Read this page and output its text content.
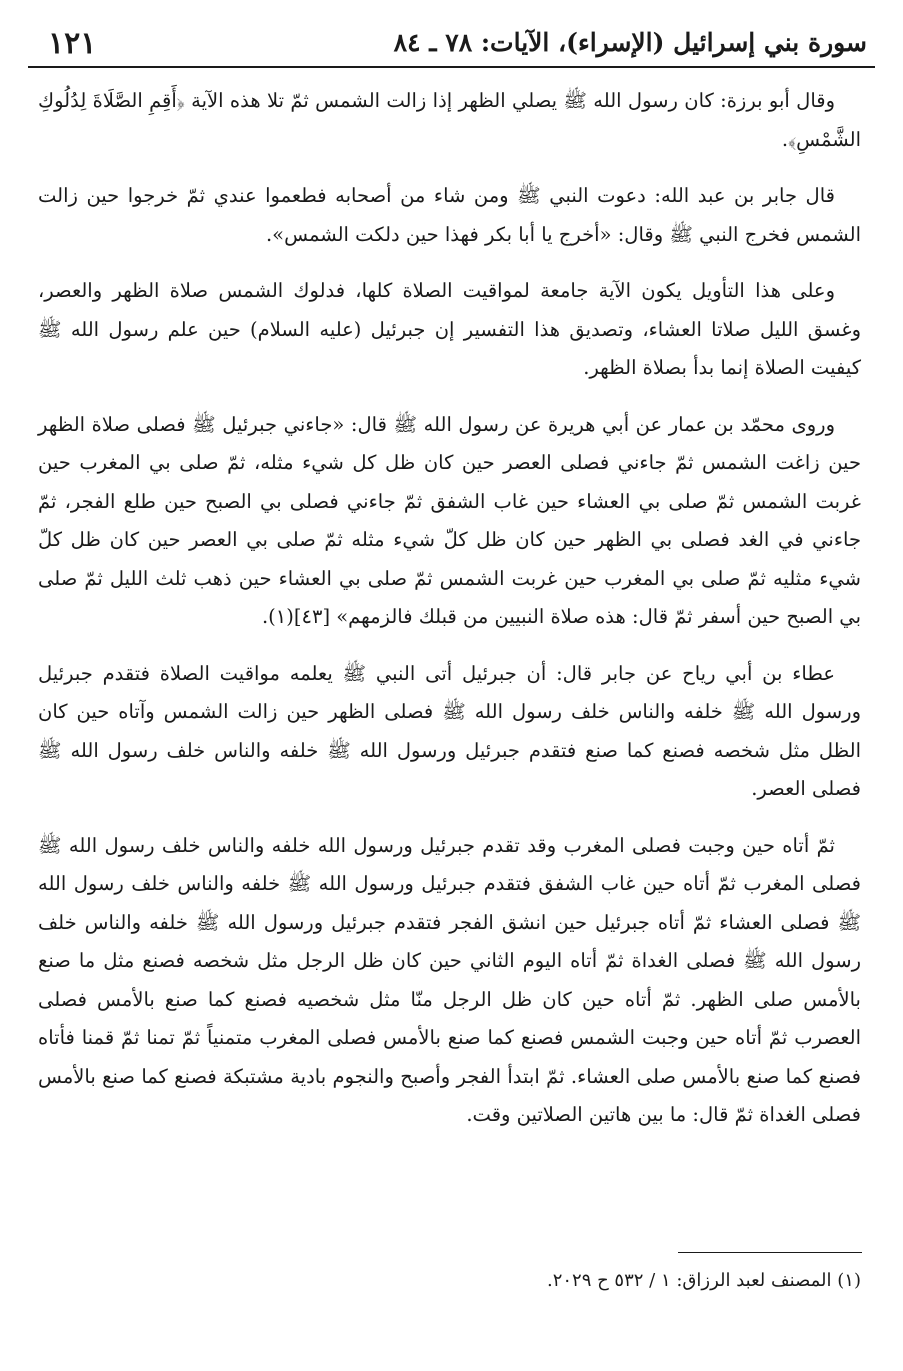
سورة بني إسرائيل (الإسراء)، الآيات: ٧٨ ـ ٨٤
١٢١

وقال أبو برزة: كان رسول الله ﷺ يصلي الظهر إذا زالت الشمس ثمّ تلا هذه الآية ﴿أَقِمِ الصَّلَاةَ لِدُلُوكِ الشَّمْسِ﴾.

قال جابر بن عبد الله: دعوت النبي ﷺ ومن شاء من أصحابه فطعموا عندي ثمّ خرجوا حين زالت الشمس فخرج النبي ﷺ وقال: «أخرج يا أبا بكر فهذا حين دلكت الشمس».

وعلى هذا التأويل يكون الآية جامعة لمواقيت الصلاة كلها، فدلوك الشمس صلاة الظهر والعصر، وغسق الليل صلاتا العشاء، وتصديق هذا التفسير إن جبرئيل (عليه السلام) حين علم رسول الله ﷺ كيفيت الصلاة إنما بدأ بصلاة الظهر.

وروى محمّد بن عمار عن أبي هريرة عن رسول الله ﷺ قال: «جاءني جبرئيل ﷺ فصلى صلاة الظهر حين زاغت الشمس ثمّ جاءني فصلى العصر حين كان ظل كل شيء مثله، ثمّ صلى بي المغرب حين غربت الشمس ثمّ صلى بي العشاء حين غاب الشفق ثمّ جاءني فصلى بي الصبح حين طلع الفجر، ثمّ جاءني في الغد فصلى بي الظهر حين كان ظل كلّ شيء مثله ثمّ صلى بي العصر حين كان ظل كلّ شيء مثليه ثمّ صلى بي المغرب حين غربت الشمس ثمّ صلى بي العشاء حين ذهب ثلث الليل ثمّ صلى بي الصبح حين أسفر ثمّ قال: هذه صلاة النبيين من قبلك فالزمهم» [٤٣](١).

عطاء بن أبي رياح عن جابر قال: أن جبرئيل أتى النبي ﷺ يعلمه مواقيت الصلاة فتقدم جبرئيل ورسول الله ﷺ خلفه والناس خلف رسول الله ﷺ فصلى الظهر حين زالت الشمس وآتاه حين كان الظل مثل شخصه فصنع كما صنع فتقدم جبرئيل ورسول الله ﷺ خلفه والناس خلف رسول الله ﷺ فصلى العصر.

ثمّ أتاه حين وجبت فصلى المغرب وقد تقدم جبرئيل ورسول الله خلفه والناس خلف رسول الله ﷺ فصلى المغرب ثمّ أتاه حين غاب الشفق فتقدم جبرئيل ورسول الله ﷺ خلفه والناس خلف رسول الله ﷺ فصلى العشاء ثمّ أتاه جبرئيل حين انشق الفجر فتقدم جبرئيل ورسول الله ﷺ خلفه والناس خلف رسول الله ﷺ فصلى الغداة ثمّ أتاه اليوم الثاني حين كان ظل الرجل مثل شخصه فصنع مثل ما صنع بالأمس صلى الظهر. ثمّ أتاه حين كان ظل الرجل منّا مثل شخصيه فصنع كما صنع بالأمس فصلى العصرب ثمّ أتاه حين وجبت الشمس فصنع كما صنع بالأمس فصلى المغرب متمنياً ثمّ تمنا ثمّ قمنا فأتاه فصنع كما صنع بالأمس صلى العشاء. ثمّ ابتدأ الفجر وأصبح والنجوم بادية مشتبكة فصنع كما صنع بالأمس فصلى الغداة ثمّ قال: ما بين هاتين الصلاتين وقت.

(١) المصنف لعبد الرزاق: ١ / ٥٣٢ ح ٢٠٢٩.
